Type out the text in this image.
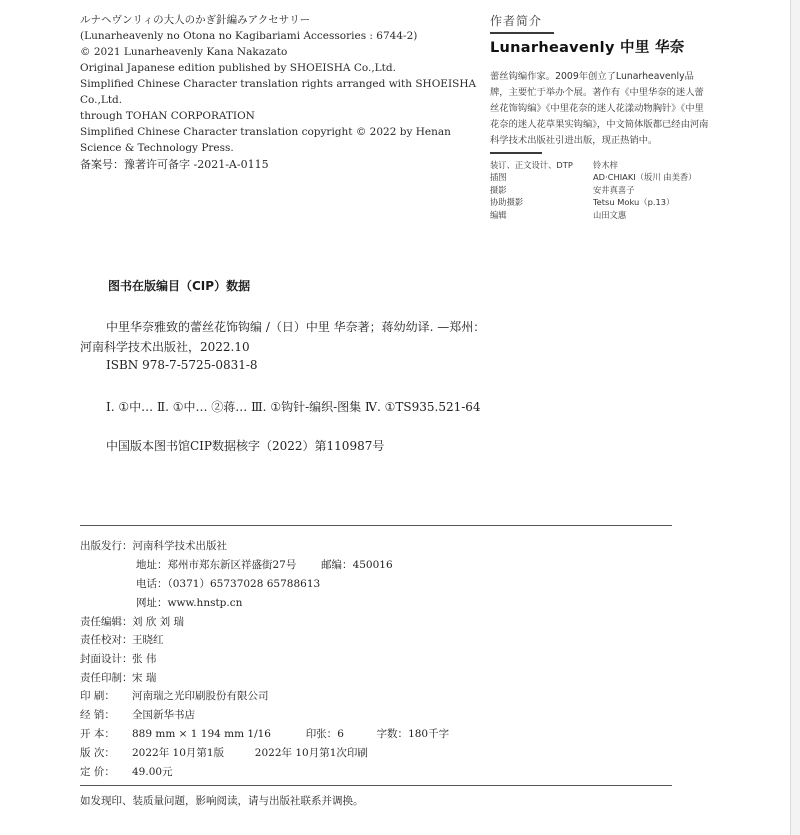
ルナヘヴンリィの大人のかぎ針編みアクセサリー
(Lunarheavenly no Otona no Kagibariami Accessories : 6744-2)
© 2021 Lunarheavenly Kana Nakazato
Original Japanese edition published by SHOEISHA Co.,Ltd.
Simplified Chinese Character translation rights arranged with SHOEISHA Co.,Ltd.
through TOHAN CORPORATION
Simplified Chinese Character translation copyright © 2022 by Henan Science & Technology Press.
备案号：豫著许可备字 -2021-A-0115
作者简介
Lunarheavenly 中里 华奈
蕾丝钩编作家。2009年创立了Lunarheavenly品牌，主要忙于举办个展。著作有《中里华奈的迷人蕾丝花饰钩编》《中里花奈的迷人花漾动物胸针》《中里花奈的迷人花草果实钩编》，中文简体版都已经由河南科学技术出版社引进出版，现正热销中。
装订、正文设计、DTP	铃木梓
插图	AD·CHIAKI（坂川 由美香）
摄影	安井真喜子
协助摄影	Tetsu Moku（p.13）
编辑	山田文惠
图书在版编目（CIP）数据
中里华奈雅致的蕾丝花饰钩编 /（日）中里 华奈著；蒋幼幼译. —郑州：
河南科学技术出版社，2022.10
ISBN 978-7-5725-0831-8
Ⅰ. ①中… Ⅱ. ①中… ②蒋… Ⅲ. ①钩针-编织-图集 Ⅳ. ①TS935.521-64
中国版本图书馆CIP数据核字（2022）第110987号
出版发行：河南科学技术出版社
地址：郑州市郑东新区祥盛街27号 邮编：450016
电话：（0371）65737028 65788613
网址：www.hnstp.cn
责任编辑：刘 欣 刘 瑞
责任校对：王晓红
封面设计：张 伟
责任印制：宋 瑞
印 刷： 河南瑞之光印刷股份有限公司
经 销： 全国新华书店
开 本： 889 mm × 1 194 mm 1/16	印张：6	字数：180千字
版 次： 2022年 10月第1版	2022年 10月第1次印刷
定 价： 49.00元
如发现印、装质量问题，影响阅读，请与出版社联系并调换。
